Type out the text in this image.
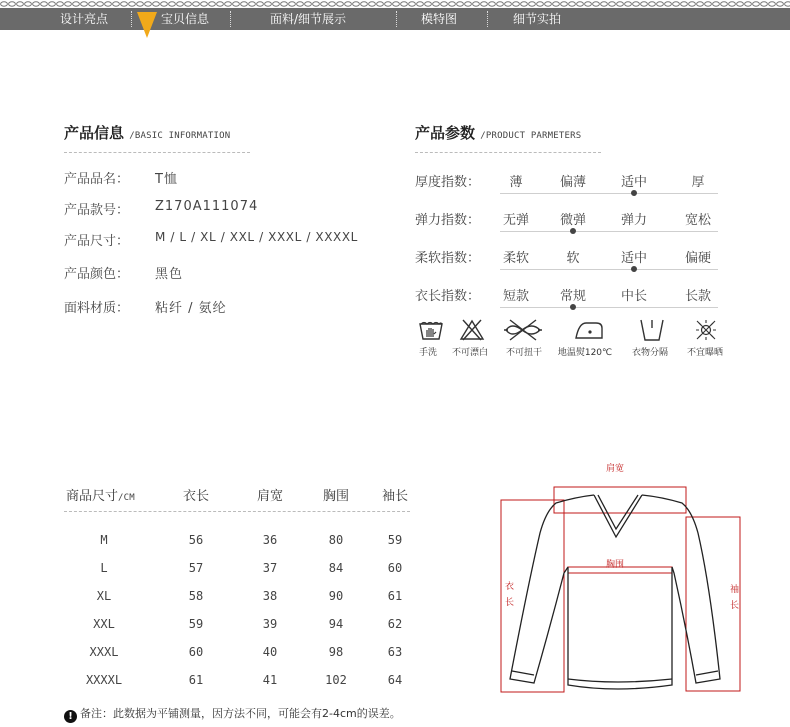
设计亮点	宝贝信息	面料/细节展示	模特图	细节实拍
产品信息 /BASIC INFORMATION
产品品名： T恤
产品款号： Z170A111074
产品尺寸： M / L / XL / XXL / XXXL / XXXXL
产品颜色： 黑色
面料材质： 粘纤 / 氨纶
产品参数 /PRODUCT PARMETERS
厚度指数：	薄	偏薄	适中	厚
弹力指数：	无弹	微弹	弹力	宽松
柔软指数：	柔软	软	适中	偏硬
衣长指数：	短款	常规	中长	长款
手洗	不可漂白	不可扭干	地温熨120℃	衣物分隔	不宜曝晒
商品尺寸/CM	衣长	肩宽	胸围	袖长
M	56	36	80	59
L	57	37	84	60
XL	58	38	90	61
XXL	59	39	94	62
XXXL	60	40	98	63
XXXXL	61	41	102	64
肩宽
胸围
衣
长
袖
长
! 备注：此数据为平铺测量，因方法不同，可能会有2-4cm的误差。
